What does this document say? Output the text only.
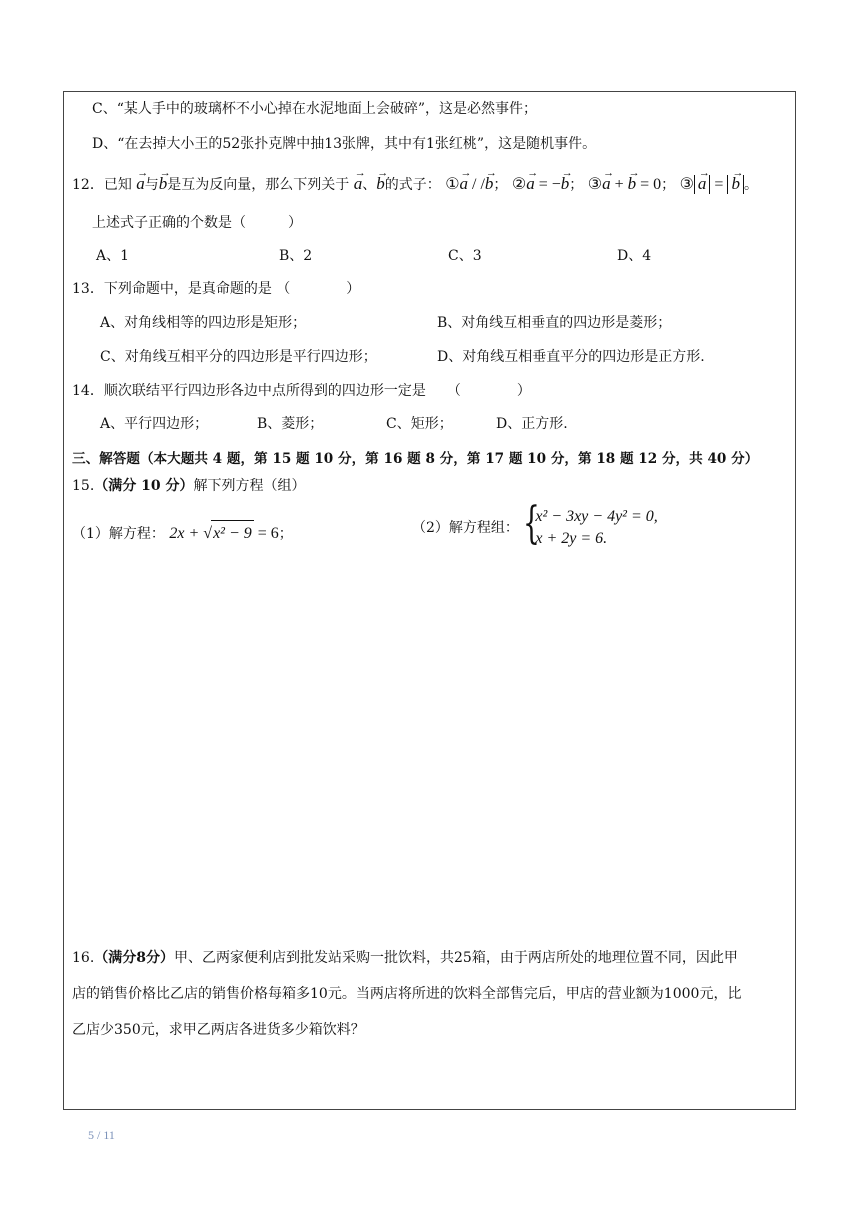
C、“某人手中的玻璃杯不小心掉在水泥地面上会破碎”，这是必然事件；
D、“在去掉大小王的52张扑克牌中抽13张牌，其中有1张红桃”，这是随机事件。
12．已知 → a与→ b是互为反向量，那么下列关于 → a、→ b的式子： ①→ a / /→ b； ②→ a = −→ b； ③→ a + → b = 0； ③ → a = → b 。
上述式子正确的个数是（　　　）
A、1	B、2	C、3	D、4
13．下列命题中，是真命题的是 （　　　　）
A、对角线相等的四边形是矩形；	B、对角线互相垂直的四边形是菱形；
C、对角线互相平分的四边形是平行四边形；	D、对角线互相垂直平分的四边形是正方形.
14．顺次联结平行四边形各边中点所得到的四边形一定是　　（　　　　）
A、平行四边形；	B、菱形；	C、矩形；	D、正方形.
三、解答题（本大题共 4 题，第 15 题 10 分，第 16 题 8 分，第 17 题 10 分，第 18 题 12 分，共 40 分）
15.（满分 10 分）解下列方程（组）
（1）解方程： 2x + √x² − 9 = 6；	（2）解方程组： {
x² − 3xy − 4y² = 0,
x + 2y = 6.
16.（满分8分）甲、乙两家便利店到批发站采购一批饮料，共25箱，由于两店所处的地理位置不同，因此甲
店的销售价格比乙店的销售价格每箱多10元。当两店将所进的饮料全部售完后，甲店的营业额为1000元，比
乙店少350元，求甲乙两店各进货多少箱饮料？
5 / 11
